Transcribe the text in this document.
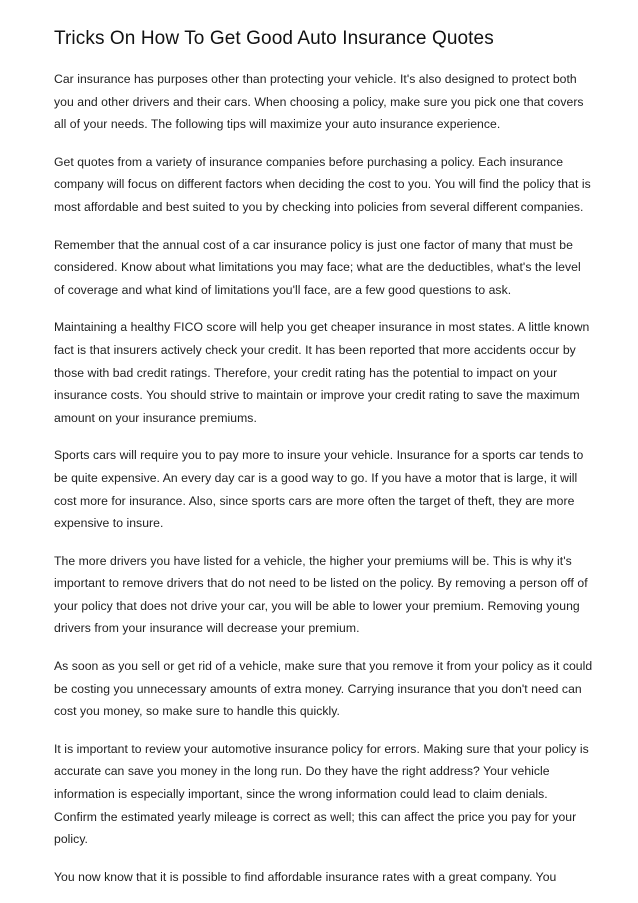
Tricks On How To Get Good Auto Insurance Quotes

Car insurance has purposes other than protecting your vehicle. It's also designed to protect both you and other drivers and their cars. When choosing a policy, make sure you pick one that covers all of your needs. The following tips will maximize your auto insurance experience.

Get quotes from a variety of insurance companies before purchasing a policy. Each insurance company will focus on different factors when deciding the cost to you. You will find the policy that is most affordable and best suited to you by checking into policies from several different companies.

Remember that the annual cost of a car insurance policy is just one factor of many that must be considered. Know about what limitations you may face; what are the deductibles, what's the level of coverage and what kind of limitations you'll face, are a few good questions to ask.

Maintaining a healthy FICO score will help you get cheaper insurance in most states. A little known fact is that insurers actively check your credit. It has been reported that more accidents occur by those with bad credit ratings. Therefore, your credit rating has the potential to impact on your insurance costs. You should strive to maintain or improve your credit rating to save the maximum amount on your insurance premiums.

Sports cars will require you to pay more to insure your vehicle. Insurance for a sports car tends to be quite expensive. An every day car is a good way to go. If you have a motor that is large, it will cost more for insurance. Also, since sports cars are more often the target of theft, they are more expensive to insure.

The more drivers you have listed for a vehicle, the higher your premiums will be. This is why it's important to remove drivers that do not need to be listed on the policy. By removing a person off of your policy that does not drive your car, you will be able to lower your premium. Removing young drivers from your insurance will decrease your premium.

As soon as you sell or get rid of a vehicle, make sure that you remove it from your policy as it could be costing you unnecessary amounts of extra money. Carrying insurance that you don't need can cost you money, so make sure to handle this quickly.

It is important to review your automotive insurance policy for errors. Making sure that your policy is accurate can save you money in the long run. Do they have the right address? Your vehicle information is especially important, since the wrong information could lead to claim denials. Confirm the estimated yearly mileage is correct as well; this can affect the price you pay for your policy.

You now know that it is possible to find affordable insurance rates with a great company. You
